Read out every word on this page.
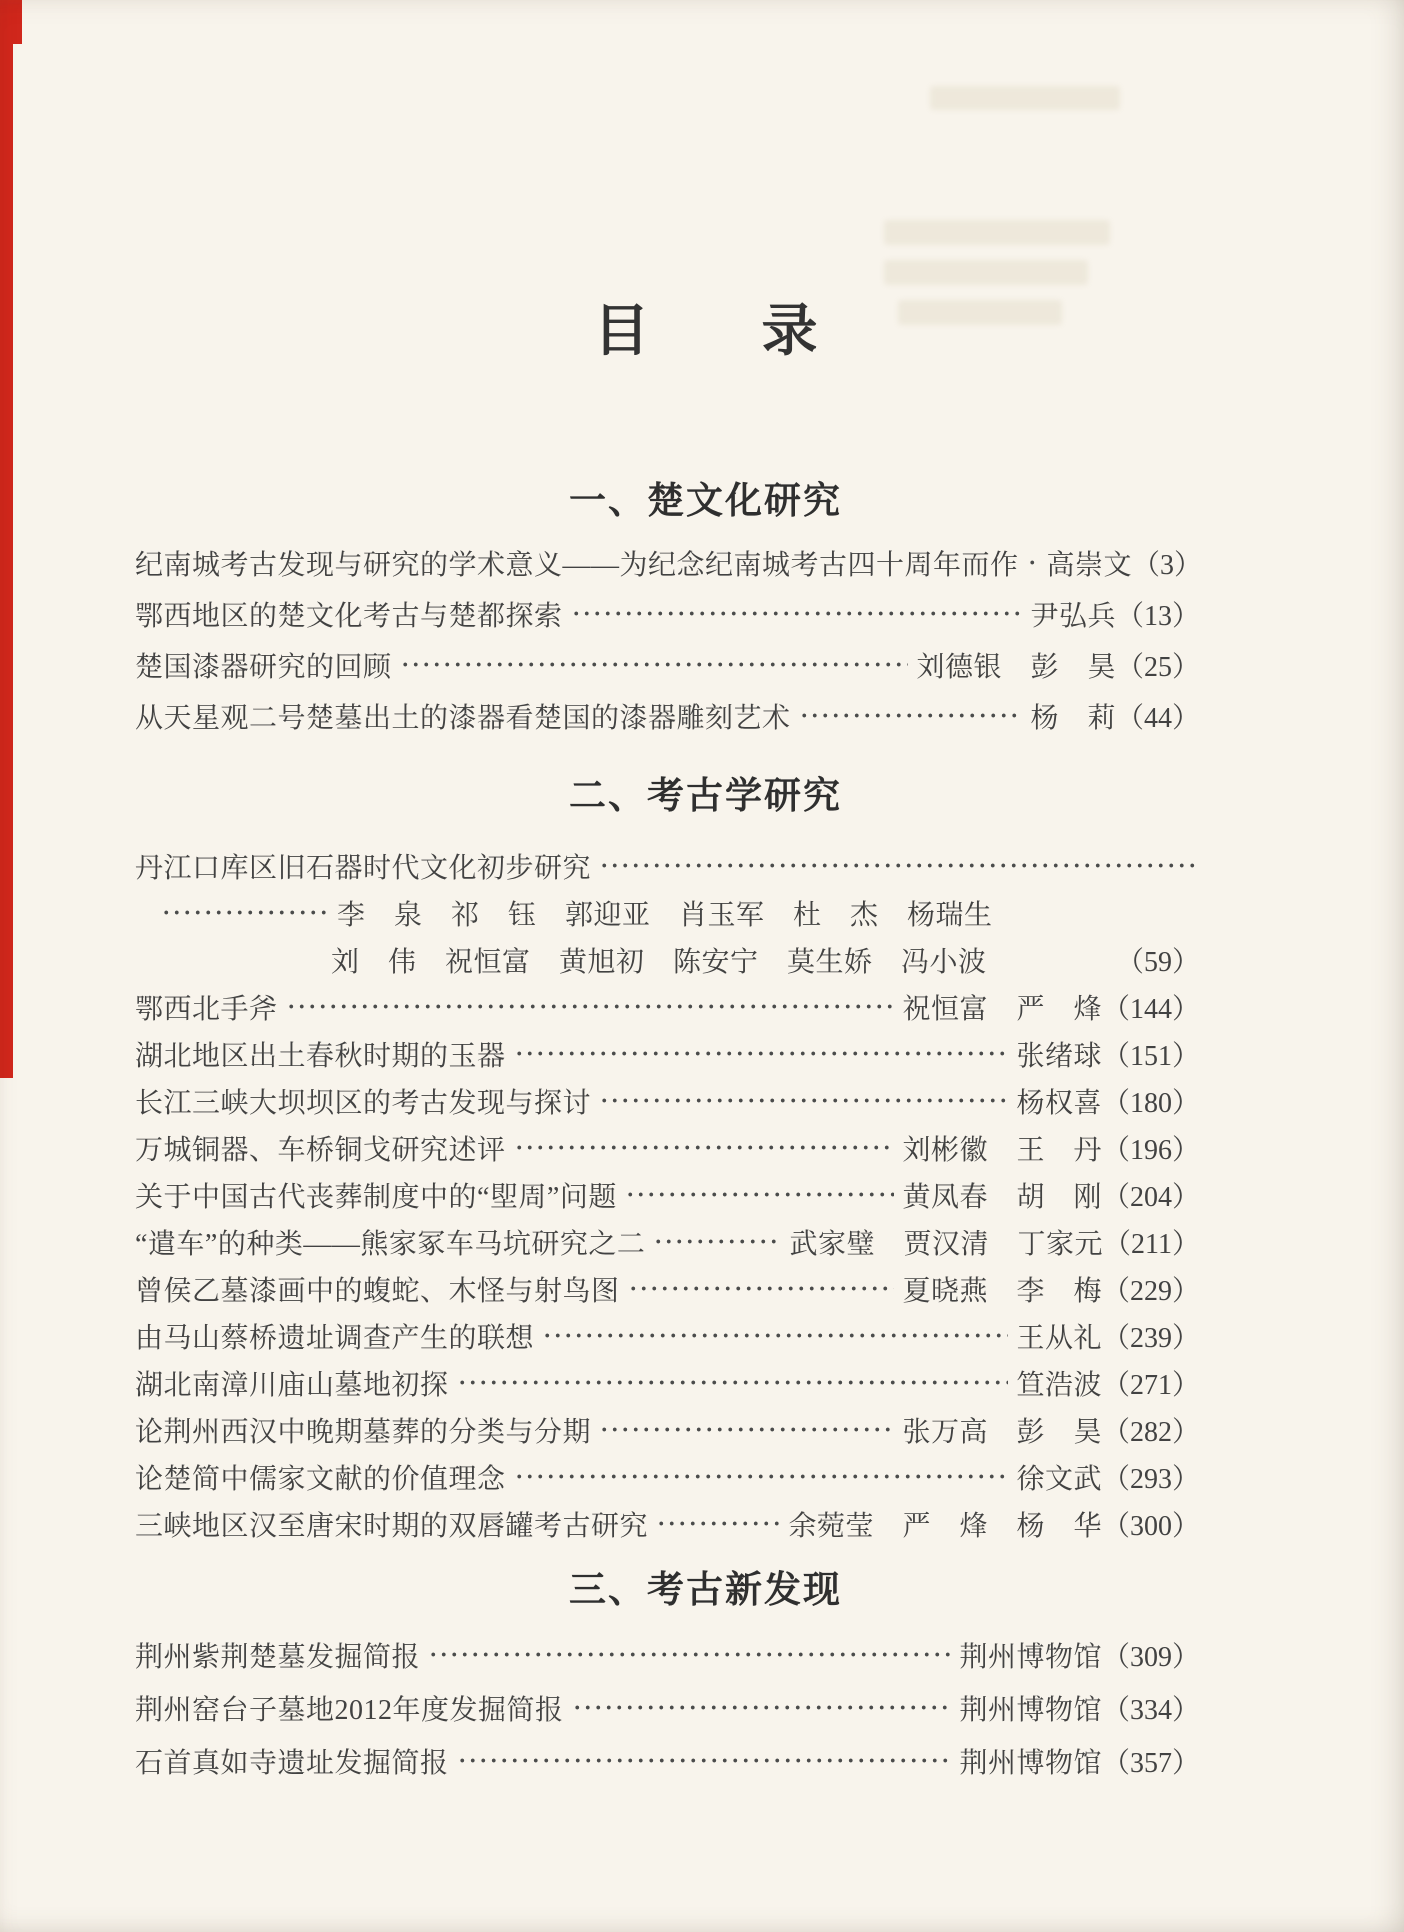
目　　录
一、楚文化研究
纪南城考古发现与研究的学术意义——为纪念纪南城考古四十周年而作 高崇文 （3）
鄂西地区的楚文化考古与楚都探索	尹弘兵 （13）
楚国漆器研究的回顾	刘德银　彭　昊 （25）
从天星观二号楚墓出土的漆器看楚国的漆器雕刻艺术	杨　莉 （44）
二、考古学研究
丹江口库区旧石器时代文化初步研究
李　泉　祁　钰　郭迎亚　肖玉军　杜　杰　杨瑞生
刘　伟　祝恒富　黄旭初　陈安宁　莫生娇　冯小波	（59）
鄂西北手斧	祝恒富　严　烽 （144）
湖北地区出土春秋时期的玉器	张绪球 （151）
长江三峡大坝坝区的考古发现与探讨	杨权喜 （180）
万城铜器、车桥铜戈研究述评	刘彬徽　王　丹 （196）
关于中国古代丧葬制度中的“堲周”问题	黄凤春　胡　刚 （204）
“遣车”的种类——熊家冢车马坑研究之二	武家璧　贾汉清　丁家元 （211）
曾侯乙墓漆画中的蝮蛇、木怪与射鸟图	夏晓燕　李　梅 （229）
由马山蔡桥遗址调查产生的联想	王从礼 （239）
湖北南漳川庙山墓地初探	笪浩波 （271）
论荆州西汉中晚期墓葬的分类与分期	张万高　彭　昊 （282）
论楚简中儒家文献的价值理念	徐文武 （293）
三峡地区汉至唐宋时期的双唇罐考古研究	余菀莹　严　烽　杨　华 （300）
三、考古新发现
荆州紫荆楚墓发掘简报	荆州博物馆 （309）
荆州窑台子墓地2012年度发掘简报	荆州博物馆 （334）
石首真如寺遗址发掘简报	荆州博物馆 （357）
